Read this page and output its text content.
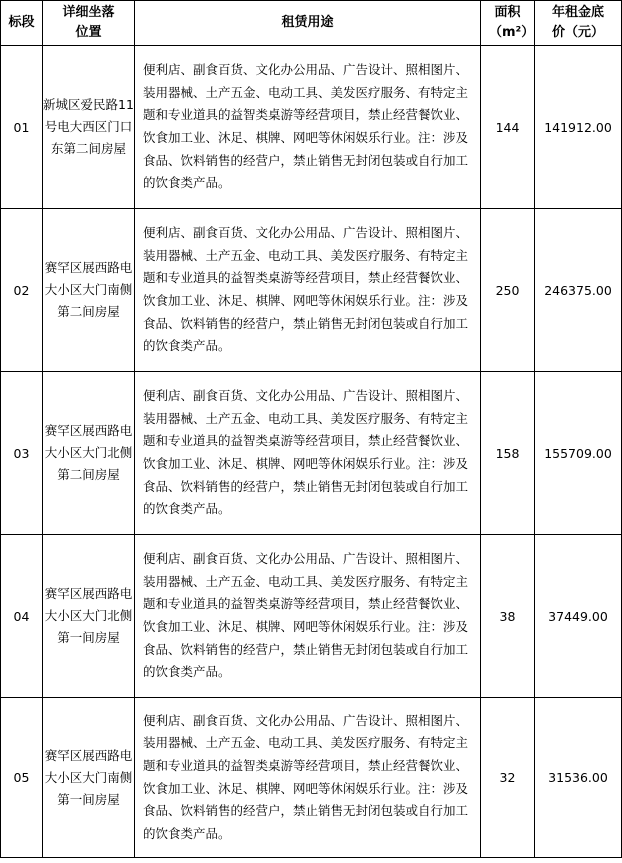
标段	详细坐落位置	租赁用途	面积（m²）	年租金底价（元）
01	新城区爱民路11号电大西区门口东第二间房屋	便利店、副食百货、文化办公用品、广告设计、照相图片、装用器械、土产五金、电动工具、美发医疗服务、有特定主题和专业道具的益智类桌游等经营项目，禁止经营餐饮业、饮食加工业、沐足、棋牌、网吧等休闲娱乐行业。注：涉及食品、饮料销售的经营户，禁止销售无封闭包装或自行加工的饮食类产品。	144	141912.00
02	赛罕区展西路电大小区大门南侧第二间房屋	便利店、副食百货、文化办公用品、广告设计、照相图片、装用器械、土产五金、电动工具、美发医疗服务、有特定主题和专业道具的益智类桌游等经营项目，禁止经营餐饮业、饮食加工业、沐足、棋牌、网吧等休闲娱乐行业。注：涉及食品、饮料销售的经营户，禁止销售无封闭包装或自行加工的饮食类产品。	250	246375.00
03	赛罕区展西路电大小区大门北侧第二间房屋	便利店、副食百货、文化办公用品、广告设计、照相图片、装用器械、土产五金、电动工具、美发医疗服务、有特定主题和专业道具的益智类桌游等经营项目，禁止经营餐饮业、饮食加工业、沐足、棋牌、网吧等休闲娱乐行业。注：涉及食品、饮料销售的经营户，禁止销售无封闭包装或自行加工的饮食类产品。	158	155709.00
04	赛罕区展西路电大小区大门北侧第一间房屋	便利店、副食百货、文化办公用品、广告设计、照相图片、装用器械、土产五金、电动工具、美发医疗服务、有特定主题和专业道具的益智类桌游等经营项目，禁止经营餐饮业、饮食加工业、沐足、棋牌、网吧等休闲娱乐行业。注：涉及食品、饮料销售的经营户，禁止销售无封闭包装或自行加工的饮食类产品。	38	37449.00
05	赛罕区展西路电大小区大门南侧第一间房屋	便利店、副食百货、文化办公用品、广告设计、照相图片、装用器械、土产五金、电动工具、美发医疗服务、有特定主题和专业道具的益智类桌游等经营项目，禁止经营餐饮业、饮食加工业、沐足、棋牌、网吧等休闲娱乐行业。注：涉及食品、饮料销售的经营户，禁止销售无封闭包装或自行加工的饮食类产品。	32	31536.00
